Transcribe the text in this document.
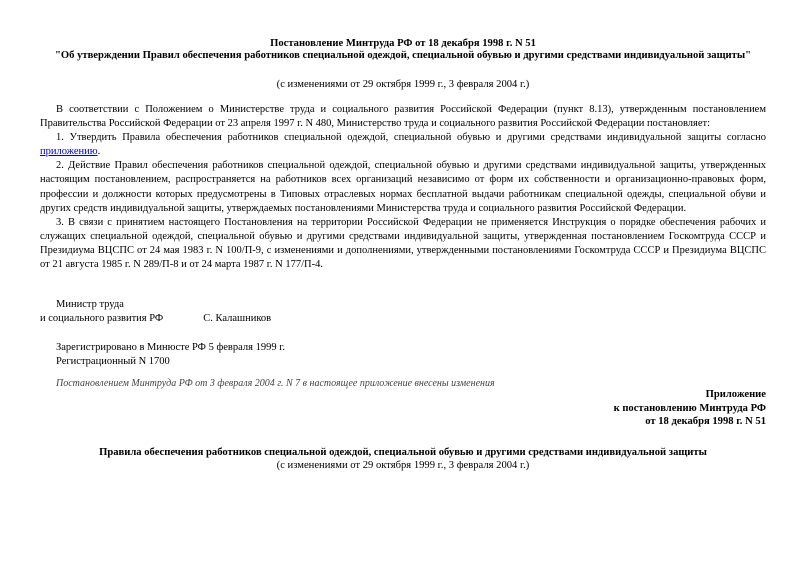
Постановление Минтруда РФ от 18 декабря 1998 г. N 51
"Об утверждении Правил обеспечения работников специальной одеждой, специальной обувью и другими средствами индивидуальной защиты"
(с изменениями от 29 октября 1999 г., 3 февраля 2004 г.)

В соответствии с Положением о Министерстве труда и социального развития Российской Федерации (пункт 8.13), утвержденным постановлением Правительства Российской Федерации от 23 апреля 1997 г. N 480, Министерство труда и социального развития Российской Федерации постановляет:

1. Утвердить Правила обеспечения работников специальной одеждой, специальной обувью и другими средствами индивидуальной защиты согласно приложению.

2. Действие Правил обеспечения работников специальной одеждой, специальной обувью и другими средствами индивидуальной защиты, утвержденных настоящим постановлением, распространяется на работников всех организаций независимо от форм их собственности и организационно-правовых форм, профессии и должности которых предусмотрены в Типовых отраслевых нормах бесплатной выдачи работникам специальной одежды, специальной обуви и других средств индивидуальной защиты, утверждаемых постановлениями Министерства труда и социального развития Российской Федерации.

3. В связи с принятием настоящего Постановления на территории Российской Федерации не применяется Инструкция о порядке обеспечения рабочих и служащих специальной одеждой, специальной обувью и другими средствами индивидуальной защиты, утвержденная постановлением Госкомтруда СССР и Президиума ВЦСПС от 24 мая 1983 г. N 100/П-9, с изменениями и дополнениями, утвержденными постановлениями Госкомтруда СССР и Президиума ВЦСПС от 21 августа 1985 г. N 289/П-8 и от 24 марта 1987 г. N 177/П-4.

Министр труда
и социального развития РФ	С. Калашников
Зарегистрировано в Минюсте РФ 5 февраля 1999 г.
Регистрационный N 1700
Постановлением Минтруда РФ от 3 февраля 2004 г. N 7 в настоящее приложение внесены изменения
Приложение
к постановлению Минтруда РФ
от 18 декабря 1998 г. N 51
Правила обеспечения работников специальной одеждой, специальной обувью и другими средствами индивидуальной защиты
(с изменениями от 29 октября 1999 г., 3 февраля 2004 г.)
